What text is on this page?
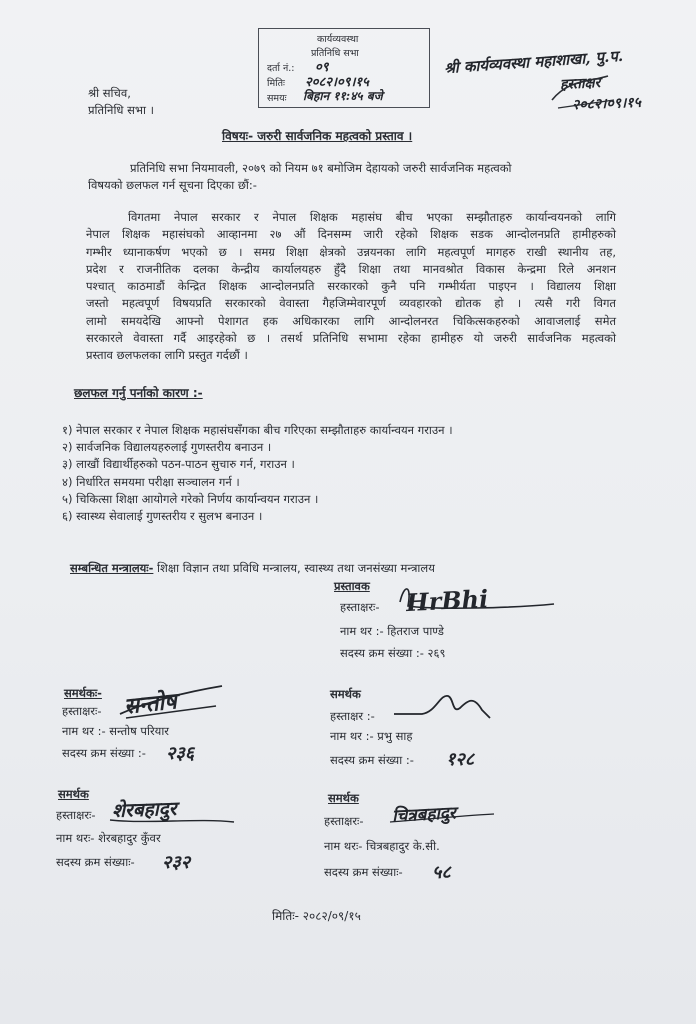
कार्यव्यवस्था
प्रतिनिधि सभा
दर्ता नं.: ०९
मितिः २०८२।०९।१५
समयः बिहान ११:४५ बजे
श्री कार्यव्यवस्था महाशाखा, पु.प.
हस्ताक्षर
२०८२।०९।१५
श्री सचिव,
प्रतिनिधि सभा ।
विषयः- जरुरी सार्वजनिक महत्वको प्रस्ताव ।
प्रतिनिधि सभा नियमावली, २०७९ को नियम ७१ बमोजिम देहायको जरुरी सार्वजनिक महत्वको
विषयको छलफल गर्न सूचना दिएका छौं:-
विगतमा नेपाल सरकार र नेपाल शिक्षक महासंघ बीच भएका सम्झौताहरु कार्यान्वयनको लागि
नेपाल शिक्षक महासंघको आव्हानमा २७ औं दिनसम्म जारी रहेको शिक्षक सडक आन्दोलनप्रति हामीहरुको
गम्भीर ध्यानाकर्षण भएको छ । समग्र शिक्षा क्षेत्रको उन्नयनका लागि महत्वपूर्ण मागहरु राखी स्थानीय तह,
प्रदेश र राजनीतिक दलका केन्द्रीय कार्यालयहरु हुँदै शिक्षा तथा मानवश्रोत विकास केन्द्रमा रिले अनशन
पश्चात् काठमाडौं केन्द्रित शिक्षक आन्दोलनप्रति सरकारको कुनै पनि गम्भीर्यता पाइएन । विद्यालय शिक्षा
जस्तो महत्वपूर्ण विषयप्रति सरकारको वेवास्ता गैहजिम्मेवारपूर्ण व्यवहारको द्योतक हो । त्यसै गरी विगत
लामो समयदेखि आफ्नो पेशागत हक अधिकारका लागि आन्दोलनरत चिकित्सकहरुको आवाजलाई समेत
सरकारले वेवास्ता गर्दै आइरहेको छ । तसर्थ प्रतिनिधि सभामा रहेका हामीहरु यो जरुरी सार्वजनिक महत्वको
प्रस्ताव छलफलका लागि प्रस्तुत गर्दछौं ।
छलफल गर्नु पर्नाको कारण :-
१) नेपाल सरकार र नेपाल शिक्षक महासंघसँगका बीच गरिएका सम्झौताहरु कार्यान्वयन गराउन ।
२) सार्वजनिक विद्यालयहरुलाई गुणस्तरीय बनाउन ।
३) लाखौं विद्यार्थीहरुको पठन-पाठन सुचारु गर्न, गराउन ।
४) निर्धारित समयमा परीक्षा सञ्चालन गर्न ।
५) चिकित्सा शिक्षा आयोगले गरेको निर्णय कार्यान्वयन गराउन ।
६) स्वास्थ्य सेवालाई गुणस्तरीय र सुलभ बनाउन ।
सम्बन्धित मन्त्रालयः- शिक्षा विज्ञान तथा प्रविधि मन्त्रालय, स्वास्थ्य तथा जनसंख्या मन्त्रालय
प्रस्तावक
हस्ताक्षरः- HrBhi
नाम थर :- हितराज पाण्डे
सदस्य क्रम संख्या :- २६९
समर्थकः-
हस्ताक्षरः- सन्तोष
नाम थर :- सन्तोष परियार
सदस्य क्रम संख्या :- २३६
समर्थक
हस्ताक्षर :-
नाम थर :- प्रभु साह
सदस्य क्रम संख्या :- १२८
समर्थक
हस्ताक्षरः- शेरबहादुर
नाम थरः- शेरबहादुर कुँवर
सदस्य क्रम संख्याः- २३२
समर्थक
हस्ताक्षरः- चित्रबहादुर
नाम थरः- चित्रबहादुर के.सी.
सदस्य क्रम संख्याः- ५८
मितिः- २०८२/०९/१५
